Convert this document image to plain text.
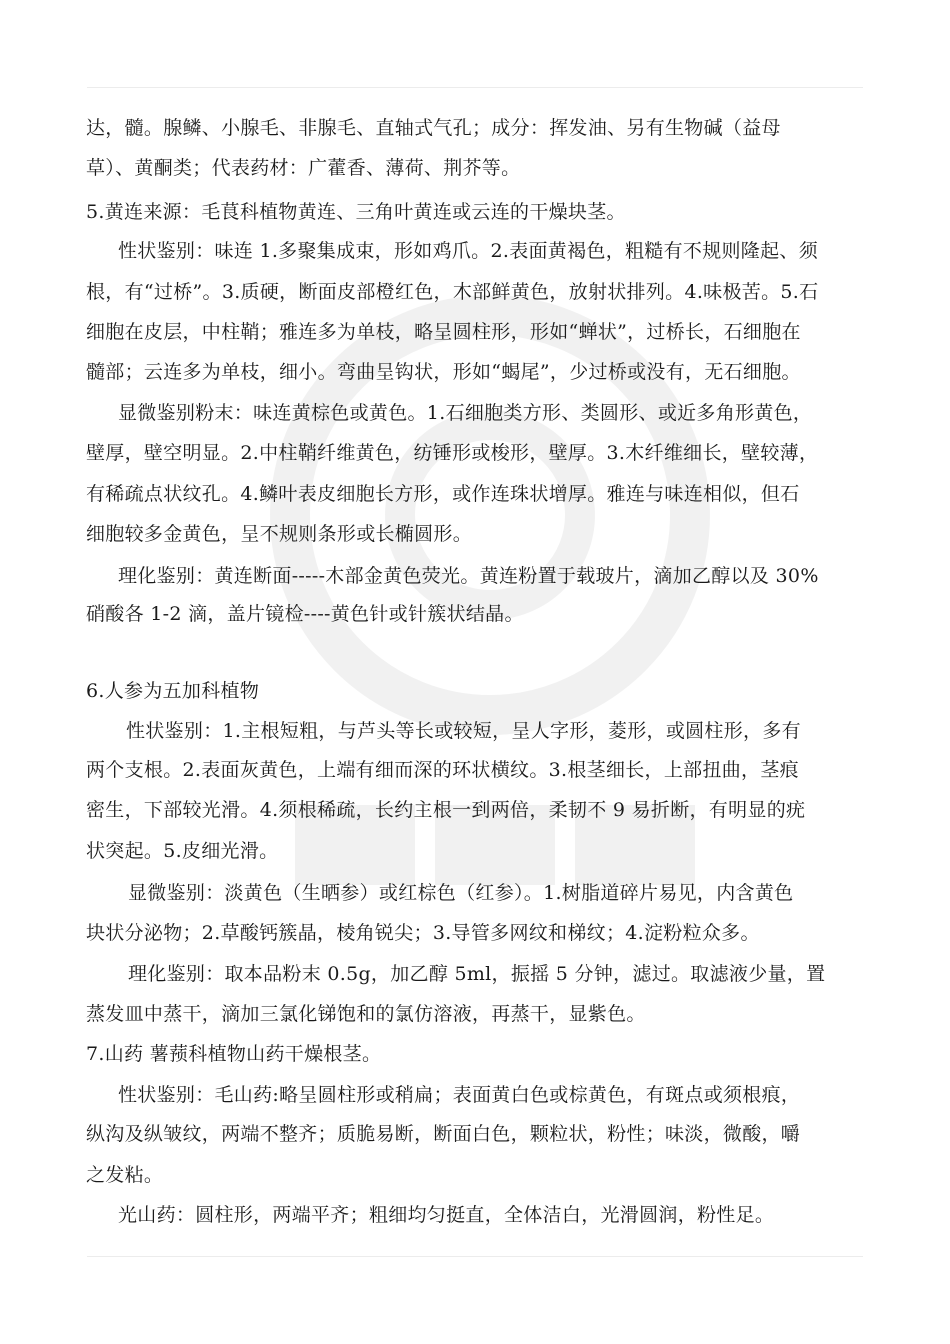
达，髓。腺鳞、小腺毛、非腺毛、直轴式气孔；成分：挥发油、另有生物碱（益母
草）、黄酮类；代表药材：广藿香、薄荷、荆芥等。
5.黄连来源：毛茛科植物黄连、三角叶黄连或云连的干燥块茎。
性状鉴别：味连 1.多聚集成束，形如鸡爪。2.表面黄褐色，粗糙有不规则隆起、须
根，有“过桥”。3.质硬，断面皮部橙红色，木部鲜黄色，放射状排列。4.味极苦。5.石
细胞在皮层，中柱鞘；雅连多为单枝，略呈圆柱形，形如“蝉状”，过桥长，石细胞在
髓部；云连多为单枝，细小。弯曲呈钩状，形如“蝎尾”，少过桥或没有，无石细胞。
显微鉴别粉末：味连黄棕色或黄色。1.石细胞类方形、类圆形、或近多角形黄色，
壁厚，壁空明显。2.中柱鞘纤维黄色，纺锤形或梭形，壁厚。3.木纤维细长，壁较薄，
有稀疏点状纹孔。4.鳞叶表皮细胞长方形，或作连珠状增厚。雅连与味连相似，但石
细胞较多金黄色，呈不规则条形或长椭圆形。
理化鉴别：黄连断面-----木部金黄色荧光。黄连粉置于载玻片，滴加乙醇以及 30%
硝酸各 1-2 滴，盖片镜检----黄色针或针簇状结晶。
6.人参为五加科植物
性状鉴别：1.主根短粗，与芦头等长或较短，呈人字形，菱形，或圆柱形，多有
两个支根。2.表面灰黄色，上端有细而深的环状横纹。3.根茎细长，上部扭曲，茎痕
密生，下部较光滑。4.须根稀疏，长约主根一到两倍，柔韧不 9 易折断，有明显的疣
状突起。5.皮细光滑。
显微鉴别：淡黄色（生晒参）或红棕色（红参）。1.树脂道碎片易见，内含黄色
块状分泌物；2.草酸钙簇晶，棱角锐尖；3.导管多网纹和梯纹；4.淀粉粒众多。
理化鉴别：取本品粉末 0.5g，加乙醇 5ml，振摇 5 分钟，滤过。取滤液少量，置
蒸发皿中蒸干，滴加三氯化锑饱和的氯仿溶液，再蒸干，显紫色。
7.山药 薯蓣科植物山药干燥根茎。
性状鉴别：毛山药:略呈圆柱形或稍扁；表面黄白色或棕黄色，有斑点或须根痕，
纵沟及纵皱纹，两端不整齐；质脆易断，断面白色，颗粒状，粉性；味淡，微酸，嚼
之发粘。
光山药：圆柱形，两端平齐；粗细均匀挺直，全体洁白，光滑圆润，粉性足。
